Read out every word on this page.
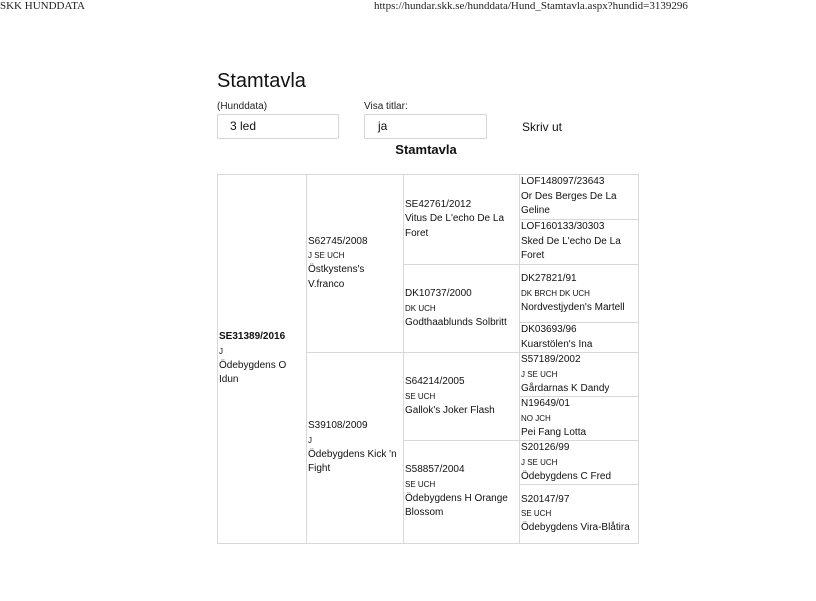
SKK HUNDDATA	https://hundar.skk.se/hunddata/Hund_Stamtavla.aspx?hundid=3139296
Stamtavla
(Hunddata)
3 led
Visa titlar:
ja	Skriv ut
Stamtavla
SE31389/2016
J
Ödebygdens O Idun	S62745/2008
J SE UCH
Östkystens's V.franco	SE42761/2012
Vitus De L'echo De La Foret	LOF148097/23643
Or Des Berges De La Geline

			LOF160133/30303
Sked De L'echo De La Foret

		DK10737/2000
DK UCH
Godthaablunds Solbritt	DK27821/91
DK BRCH DK UCH
Nordvestjyden's Martell

			DK03693/96
Kuarstölen's Ina

	S39108/2009
J
Ödebygdens Kick 'n Fight	S64214/2005
SE UCH
Gallok's Joker Flash	S57189/2002
J SE UCH
Gårdarnas K Dandy

			N19649/01
NO JCH
Pei Fang Lotta

		S58857/2004
SE UCH
Ödebygdens H Orange Blossom	S20126/99
J SE UCH
Ödebygdens C Fred

			S20147/97
SE UCH
Ödebygdens Vira-Blåtira
